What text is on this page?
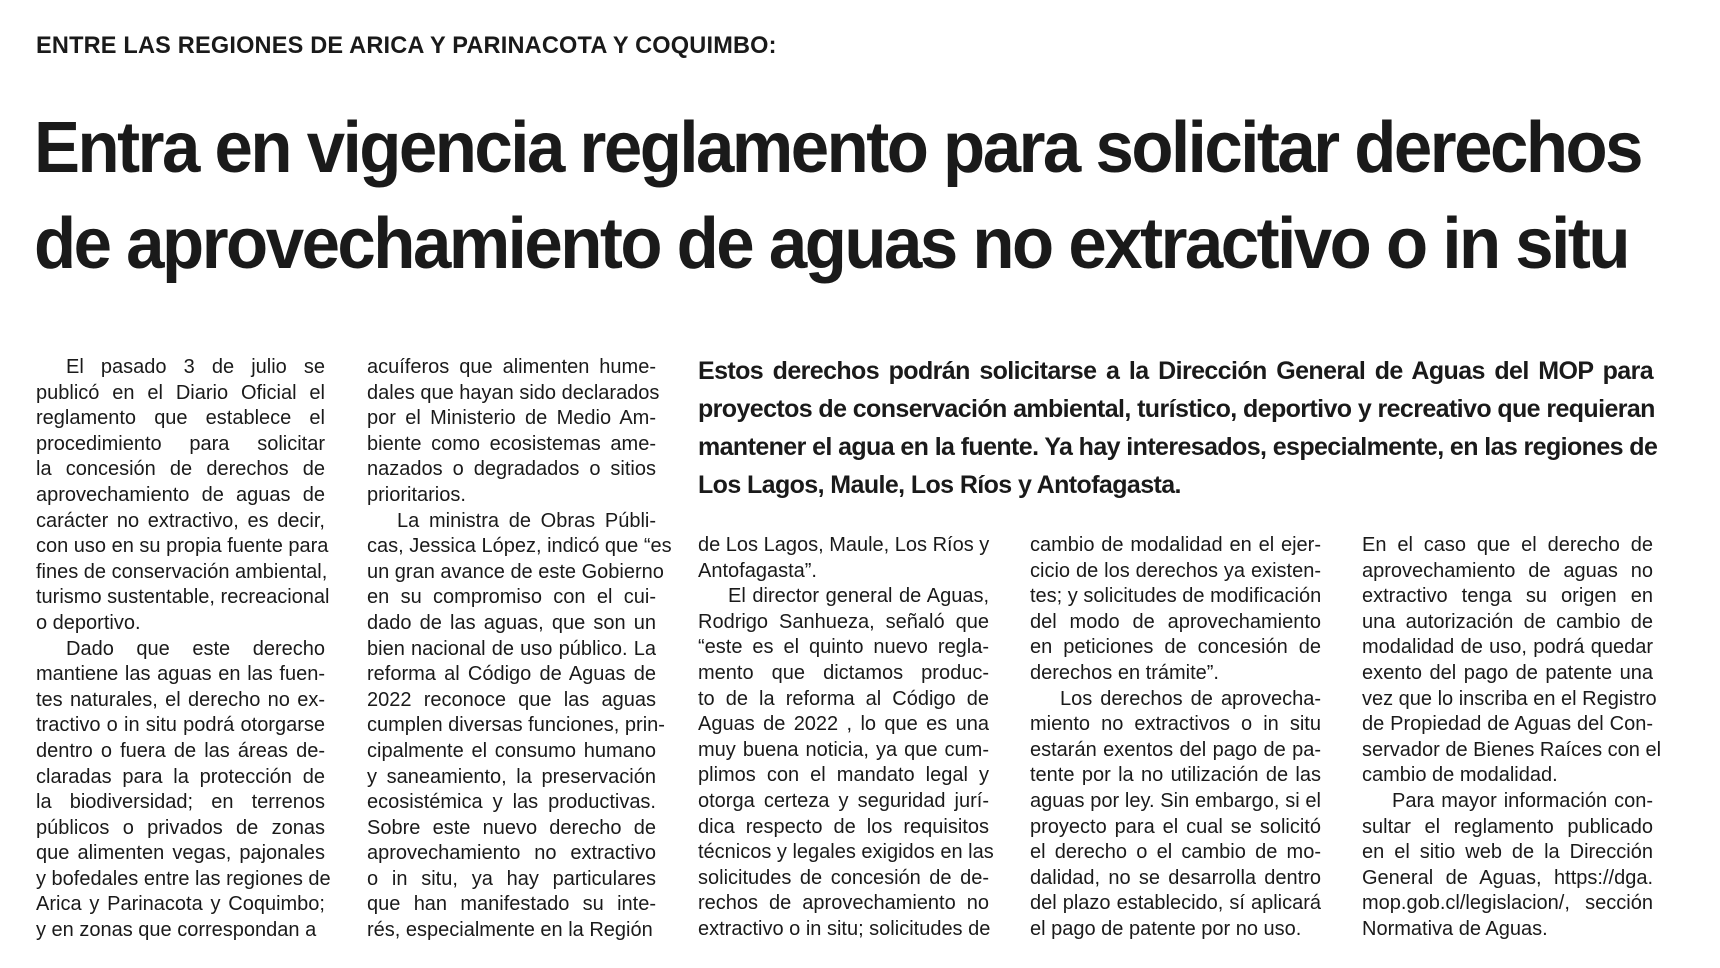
ENTRE LAS REGIONES DE ARICA Y PARINACOTA Y COQUIMBO:
Entra en vigencia reglamento para solicitar derechos
de aprovechamiento de aguas no extractivo o in situ
Estos derechos podrán solicitarse a la Dirección General de Aguas del MOP para
proyectos de conservación ambiental, turístico, deportivo y recreativo que requieran
mantener el agua en la fuente. Ya hay interesados, especialmente, en las regiones de
Los Lagos, Maule, Los Ríos y Antofagasta.
El pasado 3 de julio se
publicó en el Diario Oficial el
reglamento que establece el
procedimiento para solicitar
la concesión de derechos de
aprovechamiento de aguas de
carácter no extractivo, es decir,
con uso en su propia fuente para
fines de conservación ambiental,
turismo sustentable, recreacional
o deportivo.
Dado que este derecho
mantiene las aguas en las fuen-
tes naturales, el derecho no ex-
tractivo o in situ podrá otorgarse
dentro o fuera de las áreas de-
claradas para la protección de
la biodiversidad; en terrenos
públicos o privados de zonas
que alimenten vegas, pajonales
y bofedales entre las regiones de
Arica y Parinacota y Coquimbo;
y en zonas que correspondan a
acuíferos que alimenten hume-
dales que hayan sido declarados
por el Ministerio de Medio Am-
biente como ecosistemas ame-
nazados o degradados o sitios
prioritarios.
La ministra de Obras Públi-
cas, Jessica López, indicó que “es
un gran avance de este Gobierno
en su compromiso con el cui-
dado de las aguas, que son un
bien nacional de uso público. La
reforma al Código de Aguas de
2022 reconoce que las aguas
cumplen diversas funciones, prin-
cipalmente el consumo humano
y saneamiento, la preservación
ecosistémica y las productivas.
Sobre este nuevo derecho de
aprovechamiento no extractivo
o in situ, ya hay particulares
que han manifestado su inte-
rés, especialmente en la Región
de Los Lagos, Maule, Los Ríos y
Antofagasta”.
El director general de Aguas,
Rodrigo Sanhueza, señaló que
“este es el quinto nuevo regla-
mento que dictamos produc-
to de la reforma al Código de
Aguas de 2022 , lo que es una
muy buena noticia, ya que cum-
plimos con el mandato legal y
otorga certeza y seguridad jurí-
dica respecto de los requisitos
técnicos y legales exigidos en las
solicitudes de concesión de de-
rechos de aprovechamiento no
extractivo o in situ; solicitudes de
cambio de modalidad en el ejer-
cicio de los derechos ya existen-
tes; y solicitudes de modificación
del modo de aprovechamiento
en peticiones de concesión de
derechos en trámite”.
Los derechos de aprovecha-
miento no extractivos o in situ
estarán exentos del pago de pa-
tente por la no utilización de las
aguas por ley. Sin embargo, si el
proyecto para el cual se solicitó
el derecho o el cambio de mo-
dalidad, no se desarrolla dentro
del plazo establecido, sí aplicará
el pago de patente por no uso.
En el caso que el derecho de
aprovechamiento de aguas no
extractivo tenga su origen en
una autorización de cambio de
modalidad de uso, podrá quedar
exento del pago de patente una
vez que lo inscriba en el Registro
de Propiedad de Aguas del Con-
servador de Bienes Raíces con el
cambio de modalidad.
Para mayor información con-
sultar el reglamento publicado
en el sitio web de la Dirección
General de Aguas, https://dga.
mop.gob.cl/legislacion/, sección
Normativa de Aguas.
